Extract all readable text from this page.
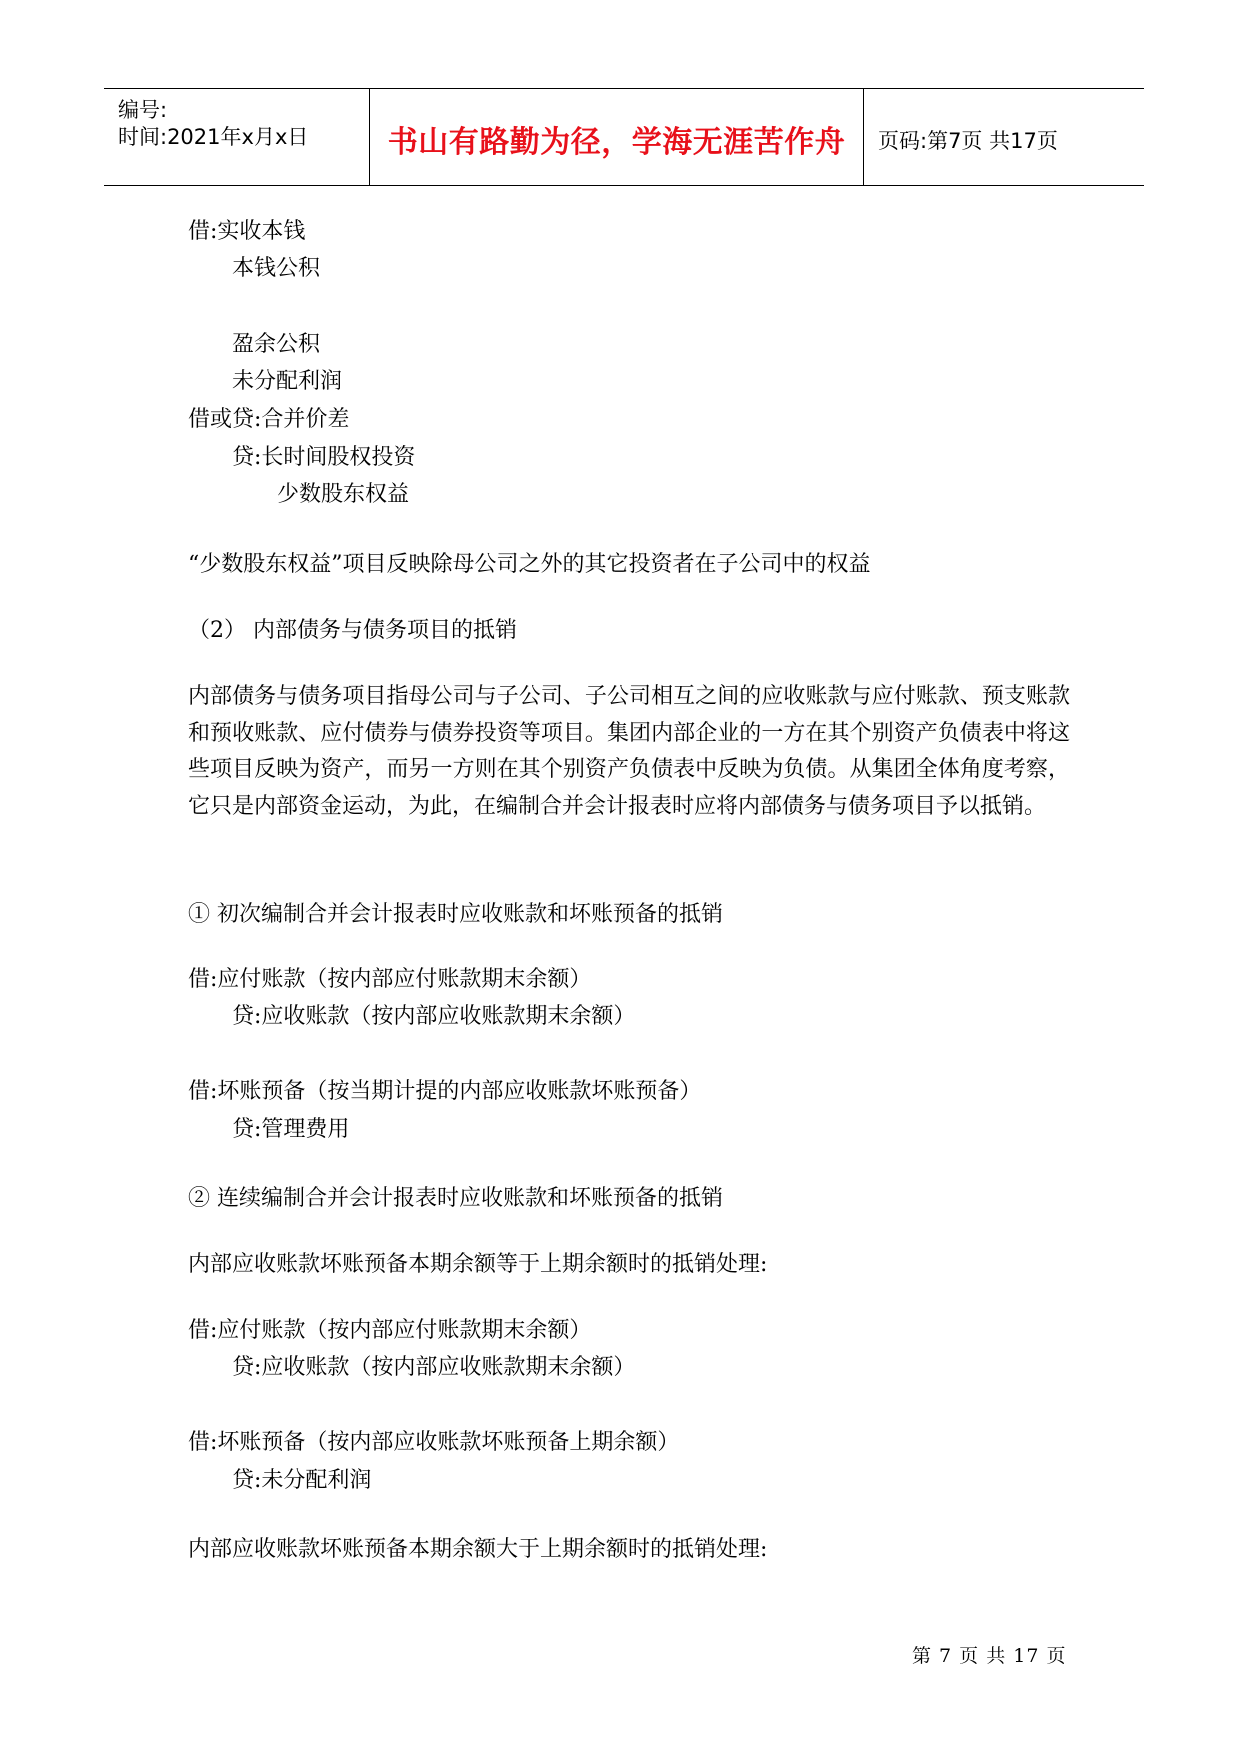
编号:
时间:2021年x月x日	书山有路勤为径，学海无涯苦作舟	页码:第7页 共17页
借:实收本钱
本钱公积
盈余公积
未分配利润
借或贷:合并价差
贷:长时间股权投资
少数股东权益
“少数股东权益”项目反映除母公司之外的其它投资者在子公司中的权益
（2） 内部债务与债务项目的抵销
内部债务与债务项目指母公司与子公司、子公司相互之间的应收账款与应付账款、预支账款和预收账款、应付债券与债券投资等项目。集团内部企业的一方在其个别资产负债表中将这些项目反映为资产，而另一方则在其个别资产负债表中反映为负债。从集团全体角度考察，它只是内部资金运动，为此，在编制合并会计报表时应将内部债务与债务项目予以抵销。
① 初次编制合并会计报表时应收账款和坏账预备的抵销
借:应付账款（按内部应付账款期末余额）
贷:应收账款（按内部应收账款期末余额）
借:坏账预备（按当期计提的内部应收账款坏账预备）
贷:管理费用
② 连续编制合并会计报表时应收账款和坏账预备的抵销
内部应收账款坏账预备本期余额等于上期余额时的抵销处理:
借:应付账款（按内部应付账款期末余额）
贷:应收账款（按内部应收账款期末余额）
借:坏账预备（按内部应收账款坏账预备上期余额）
贷:未分配利润
内部应收账款坏账预备本期余额大于上期余额时的抵销处理:
第 7 页 共 17 页
